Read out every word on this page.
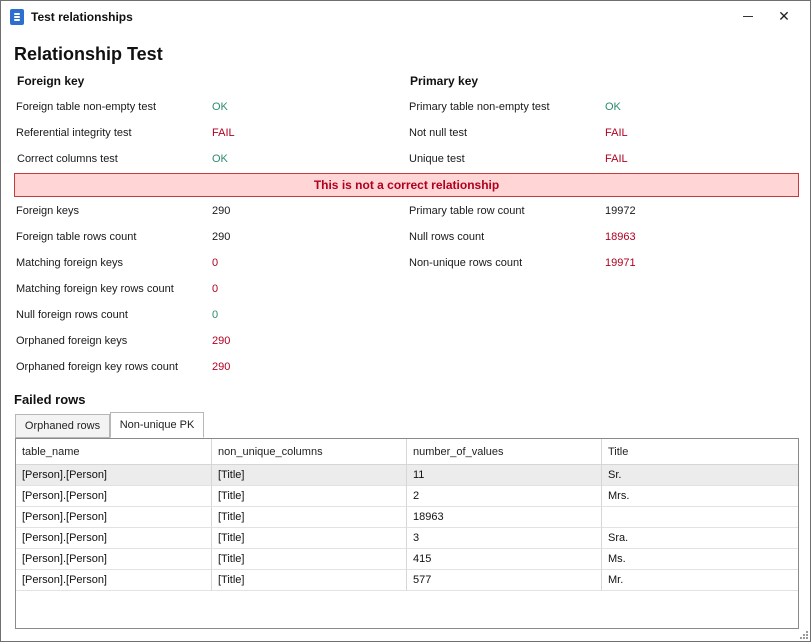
Test relationships	✕
Relationship Test
Foreign key	Primary key
Foreign table non-empty test	OK
Referential integrity test	FAIL
Correct columns test	OK
Primary table non-empty test	OK
Not null test	FAIL
Unique test	FAIL
This is not a correct relationship
Foreign keys	290
Foreign table rows count	290
Matching foreign keys	0
Matching foreign key rows count	0
Null foreign rows count	0
Orphaned foreign keys	290
Orphaned foreign key rows count	290
Primary table row count	19972
Null rows count	18963
Non-unique rows count	19971
Failed rows
Orphaned rows	Non-unique PK
table_name	non_unique_columns	number_of_values	Title
[Person].[Person]	[Title]	11	Sr.
[Person].[Person]	[Title]	2	Mrs.
[Person].[Person]	[Title]	18963
[Person].[Person]	[Title]	3	Sra.
[Person].[Person]	[Title]	415	Ms.
[Person].[Person]	[Title]	577	Mr.
